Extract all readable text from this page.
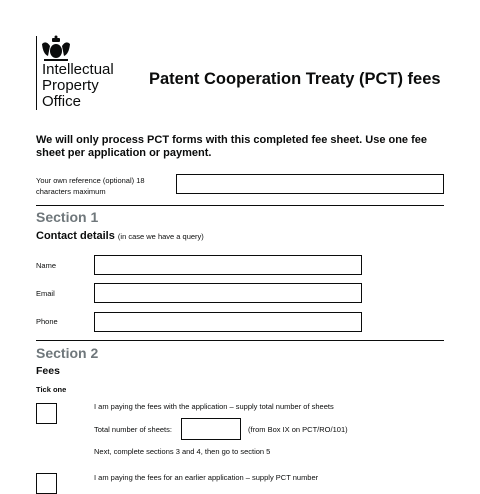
Intellectual
Property
Office
Patent Cooperation Treaty (PCT) fees
We will only process PCT forms with this completed fee sheet. Use one fee sheet per application or payment.
Your own reference (optional) 18 characters maximum
Section 1
Contact details (in case we have a query)
Name
Email
Phone
Section 2
Fees
Tick one
I am paying the fees with the application – supply total number of sheets
Total number of sheets:	(from Box IX on PCT/RO/101)
Next, complete sections 3 and 4, then go to section 5
I am paying the fees for an earlier application – supply PCT number
